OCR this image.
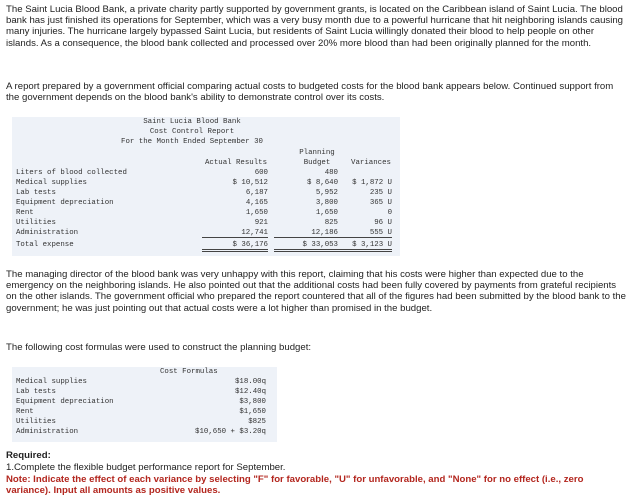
The Saint Lucia Blood Bank, a private charity partly supported by government grants, is located on the Caribbean island of Saint Lucia. The blood bank has just finished its operations for September, which was a very busy month due to a powerful hurricane that hit neighboring islands causing many injuries. The hurricane largely bypassed Saint Lucia, but residents of Saint Lucia willingly donated their blood to help people on other islands. As a consequence, the blood bank collected and processed over 20% more blood than had been originally planned for the month.
A report prepared by a government official comparing actual costs to budgeted costs for the blood bank appears below. Continued support from the government depends on the blood bank's ability to demonstrate control over its costs.
Saint Lucia Blood Bank
Cost Control Report
For the Month Ended September 30
Planning
Actual Results	Budget	Variances
Liters of blood collected	600	480
Medical supplies	$ 10,512	$ 8,640	$ 1,872 U
Lab tests	6,187	5,952	235 U
Equipment depreciation	4,165	3,800	365 U
Rent	1,650	1,650	0
Utilities	921	825	96 U
Administration	12,741	12,186	555 U
Total expense	$ 36,176	$ 33,053	$ 3,123 U
The managing director of the blood bank was very unhappy with this report, claiming that his costs were higher than expected due to the emergency on the neighboring islands. He also pointed out that the additional costs had been fully covered by payments from grateful recipients on the other islands. The government official who prepared the report countered that all of the figures had been submitted by the blood bank to the government; he was just pointing out that actual costs were a lot higher than promised in the budget.
The following cost formulas were used to construct the planning budget:
Cost Formulas
Medical supplies	$18.00q
Lab tests	$12.40q
Equipment depreciation	$3,800
Rent	$1,650
Utilities	$825
Administration	$10,650 + $3.20q
Required:
1.Complete the flexible budget performance report for September.
Note: Indicate the effect of each variance by selecting "F" for favorable, "U" for unfavorable, and "None" for no effect (i.e., zero variance). Input all amounts as positive values.
